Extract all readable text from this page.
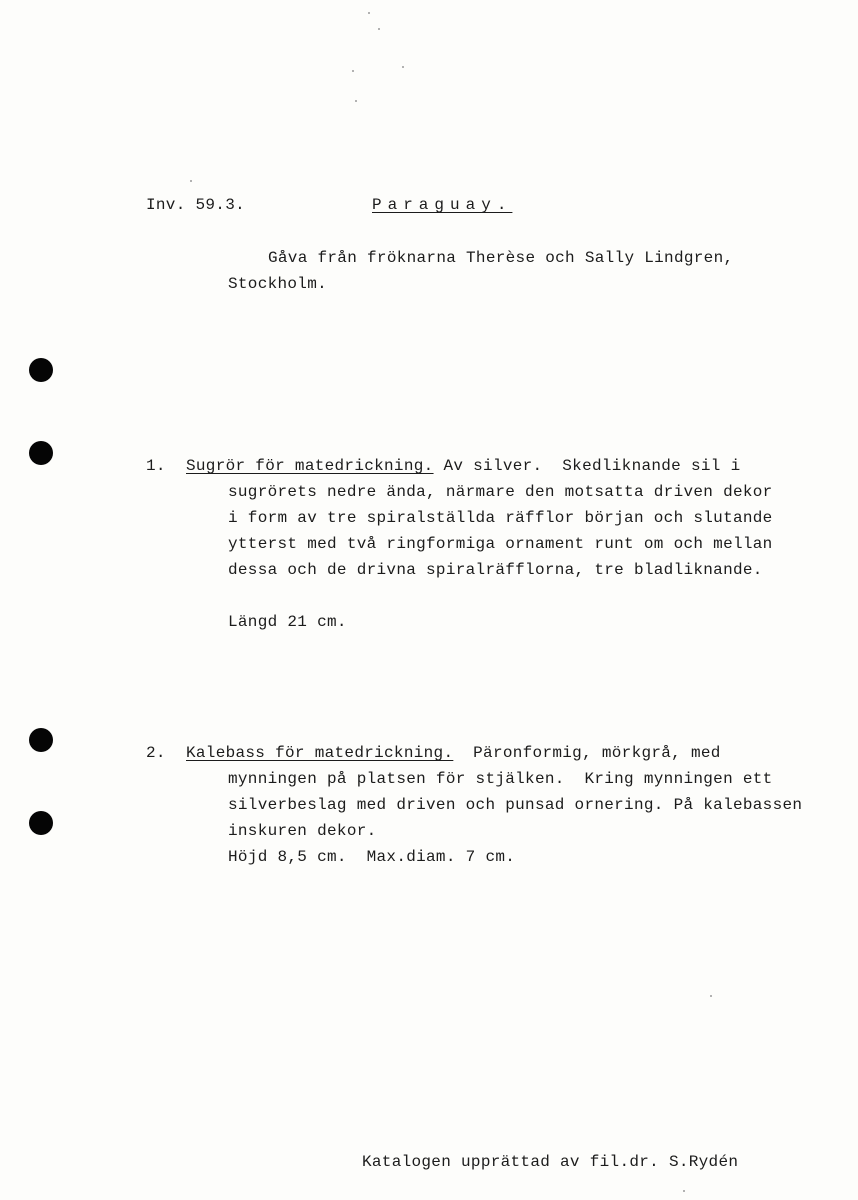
Inv. 59.3.	Paraguay.
Gåva från fröknarna Therèse och Sally Lindgren,
Stockholm.
1. Sugrör för matedrickning. Av silver.  Skedliknande sil i
sugrörets nedre ända, närmare den motsatta driven dekor
i form av tre spiralställda räfflor början och slutande
ytterst med två ringformiga ornament runt om och mellan
dessa och de drivna spiralräfflorna, tre bladliknande.
Längd 21 cm.
2. Kalebass för matedrickning.  Päronformig, mörkgrå, med
mynningen på platsen för stjälken.  Kring mynningen ett
silverbeslag med driven och punsad ornering. På kalebassen
inskuren dekor.
Höjd 8,5 cm.  Max.diam. 7 cm.
Katalogen upprättad av fil.dr. S.Rydén
